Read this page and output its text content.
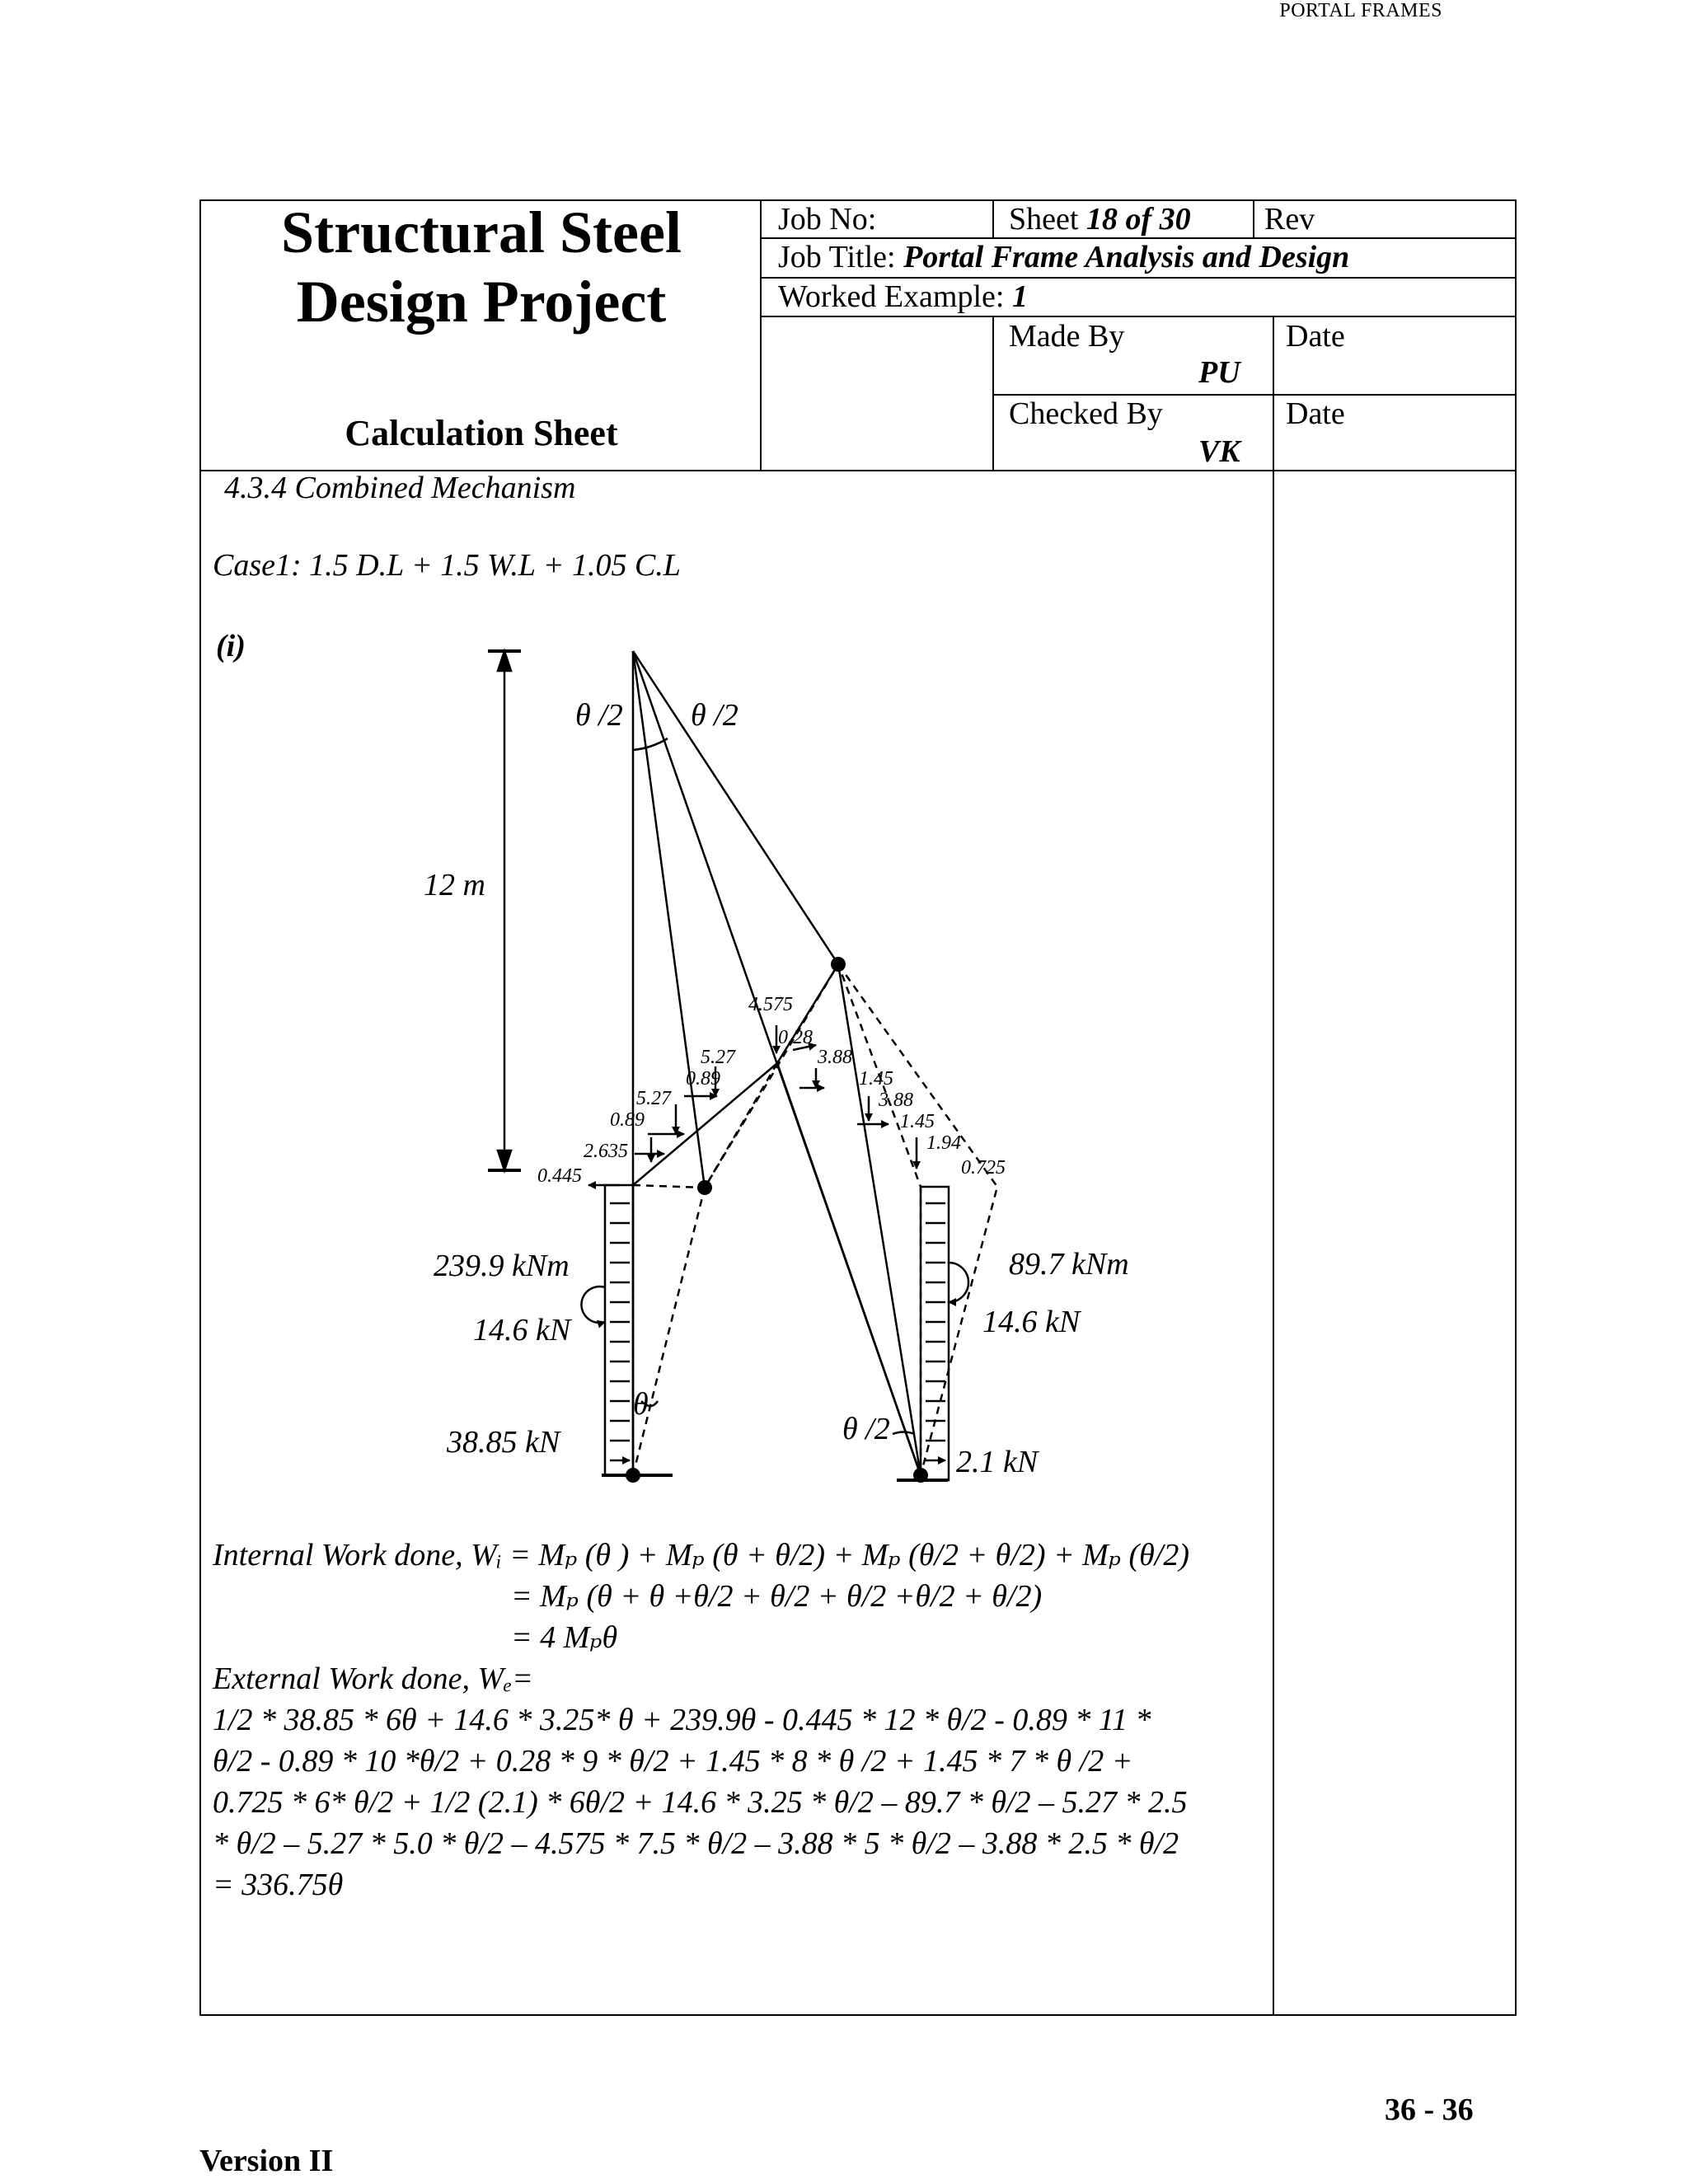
PORTAL FRAMES
Structural Steel
Design Project
Calculation Sheet
Job No:	Sheet 18 of 30 Rev
Job Title: Portal Frame Analysis and Design
Worked Example: 1
Made By
PU
Date
Checked By
VK
Date
4.3.4 Combined Mechanism
Case1: 1.5 D.L + 1.5 W.L + 1.05 C.L
(i)
θ /2 θ /2
12 m
239.9 kNm
14.6 kN
38.85 kN
89.7 kNm
14.6 kN
2.1 kN
θ
θ /2
4.575
0.28
5.27
0.89
3.88
1.45
5.27	3.88
0.89	1.45
2.635	1.94
0.445	0.725
Internal Work done, Wᵢ = Mₚ (θ ) + Mₚ (θ + θ/2) + Mₚ (θ/2 + θ/2) + Mₚ (θ/2)
= Mₚ (θ + θ +θ/2 + θ/2 + θ/2 +θ/2 + θ/2)
= 4 Mₚθ
External Work done, Wₑ=
1/2 * 38.85 * 6θ + 14.6 * 3.25* θ + 239.9θ - 0.445 * 12 * θ/2 - 0.89 * 11 *
θ/2 - 0.89 * 10 *θ/2 + 0.28 * 9 * θ/2 + 1.45 * 8 * θ /2 + 1.45 * 7 * θ /2 +
0.725 * 6* θ/2 + 1/2 (2.1) * 6θ/2 + 14.6 * 3.25 * θ/2 – 89.7 * θ/2 – 5.27 * 2.5
* θ/2 – 5.27 * 5.0 * θ/2 – 4.575 * 7.5 * θ/2 – 3.88 * 5 * θ/2 – 3.88 * 2.5 * θ/2
= 336.75θ
36 - 36
Version II
